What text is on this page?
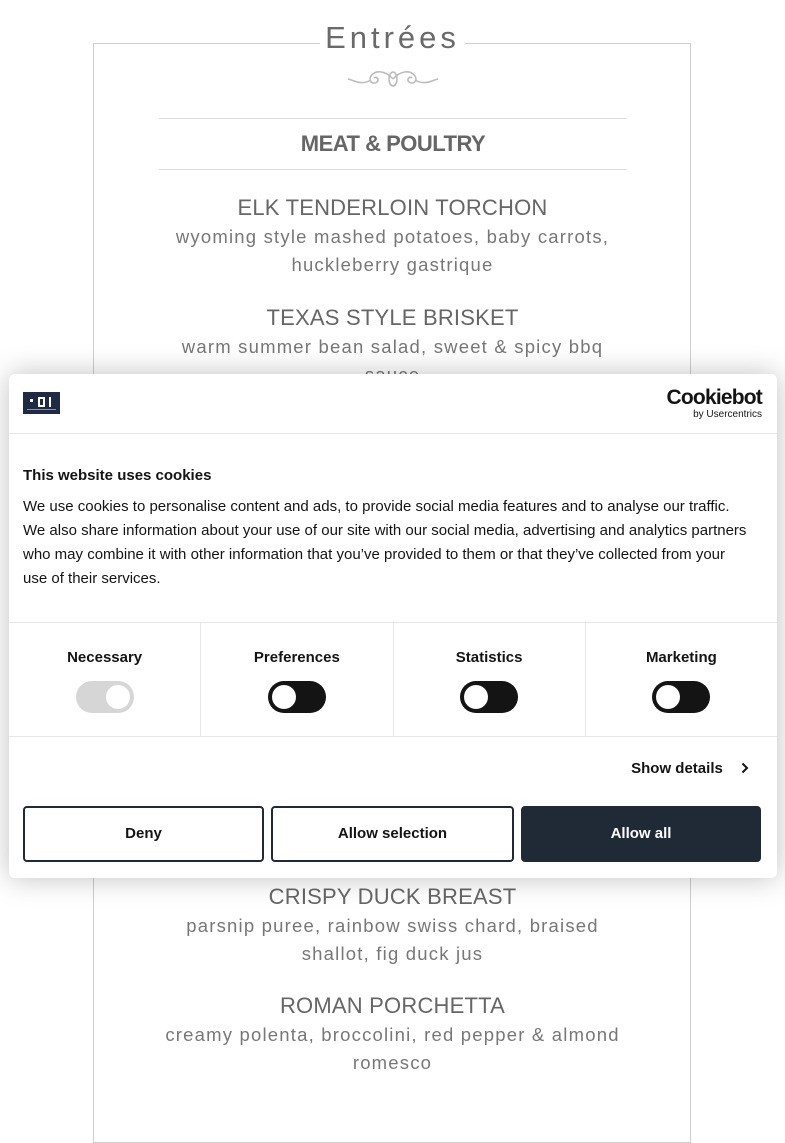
Entrées
MEAT & POULTRY
ELK TENDERLOIN TORCHON
wyoming style mashed potatoes, baby carrots,
huckleberry gastrique
TEXAS STYLE BRISKET
warm summer bean salad, sweet & spicy bbq
CRISPY DUCK BREAST
parsnip puree, rainbow swiss chard, braised
shallot, fig duck jus
ROMAN PORCHETTA
creamy polenta, broccolini, red pepper & almond
romesco
Cookiebot
by Usercentrics
This website uses cookies
We use cookies to personalise content and ads, to provide social media features and to analyse our traffic. We also share information about your use of our site with our social media, advertising and analytics partners who may combine it with other information that you’ve provided to them or that they’ve collected from your use of their services.
Necessary	Preferences	Statistics	Marketing
Show details
Deny	Allow selection	Allow all
